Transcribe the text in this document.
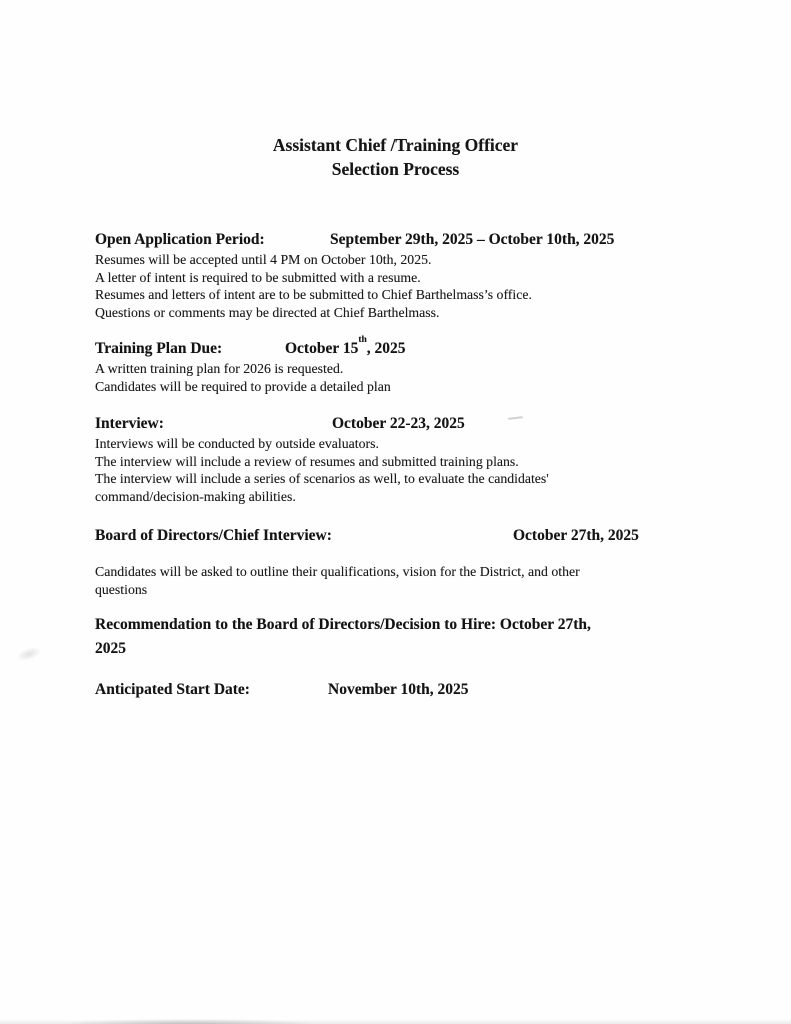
Assistant Chief /Training Officer
Selection Process
Open Application Period:	September 29th, 2025 – October 10th, 2025

Resumes will be accepted until 4 PM on October 10th, 2025.

A letter of intent is required to be submitted with a resume.

Resumes and letters of intent are to be submitted to Chief Barthelmass’s office.

Questions or comments may be directed at Chief Barthelmass.

Training Plan Due:	October 15th, 2025

A written training plan for 2026 is requested.

Candidates will be required to provide a detailed plan

Interview:	October 22-23, 2025

Interviews will be conducted by outside evaluators.

The interview will include a review of resumes and submitted training plans.

The interview will include a series of scenarios as well, to evaluate the candidates'

command/decision-making abilities.

Board of Directors/Chief Interview:	October 27th, 2025

Candidates will be asked to outline their qualifications, vision for the District, and other

questions

Recommendation to the Board of Directors/Decision to Hire: October 27th,
2025
Anticipated Start Date:	November 10th, 2025
